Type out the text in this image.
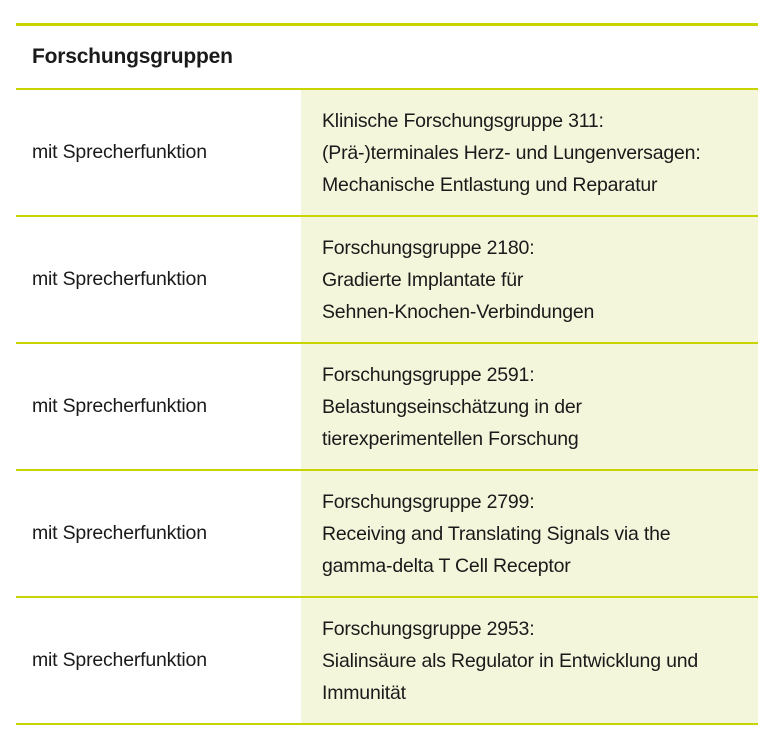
Forschungsgruppen
mit Sprecherfunktion
Klinische Forschungsgruppe 311:
(Prä-)terminales Herz- und Lungenversagen:
Mechanische Entlastung und Reparatur
mit Sprecherfunktion
Forschungsgruppe 2180:
Gradierte Implantate für
Sehnen-Knochen-Verbindungen
mit Sprecherfunktion
Forschungsgruppe 2591:
Belastungseinschätzung in der
tierexperimentellen Forschung
mit Sprecherfunktion
Forschungsgruppe 2799:
Receiving and Translating Signals via the
gamma-delta T Cell Receptor
mit Sprecherfunktion
Forschungsgruppe 2953:
Sialinsäure als Regulator in Entwicklung und
Immunität
